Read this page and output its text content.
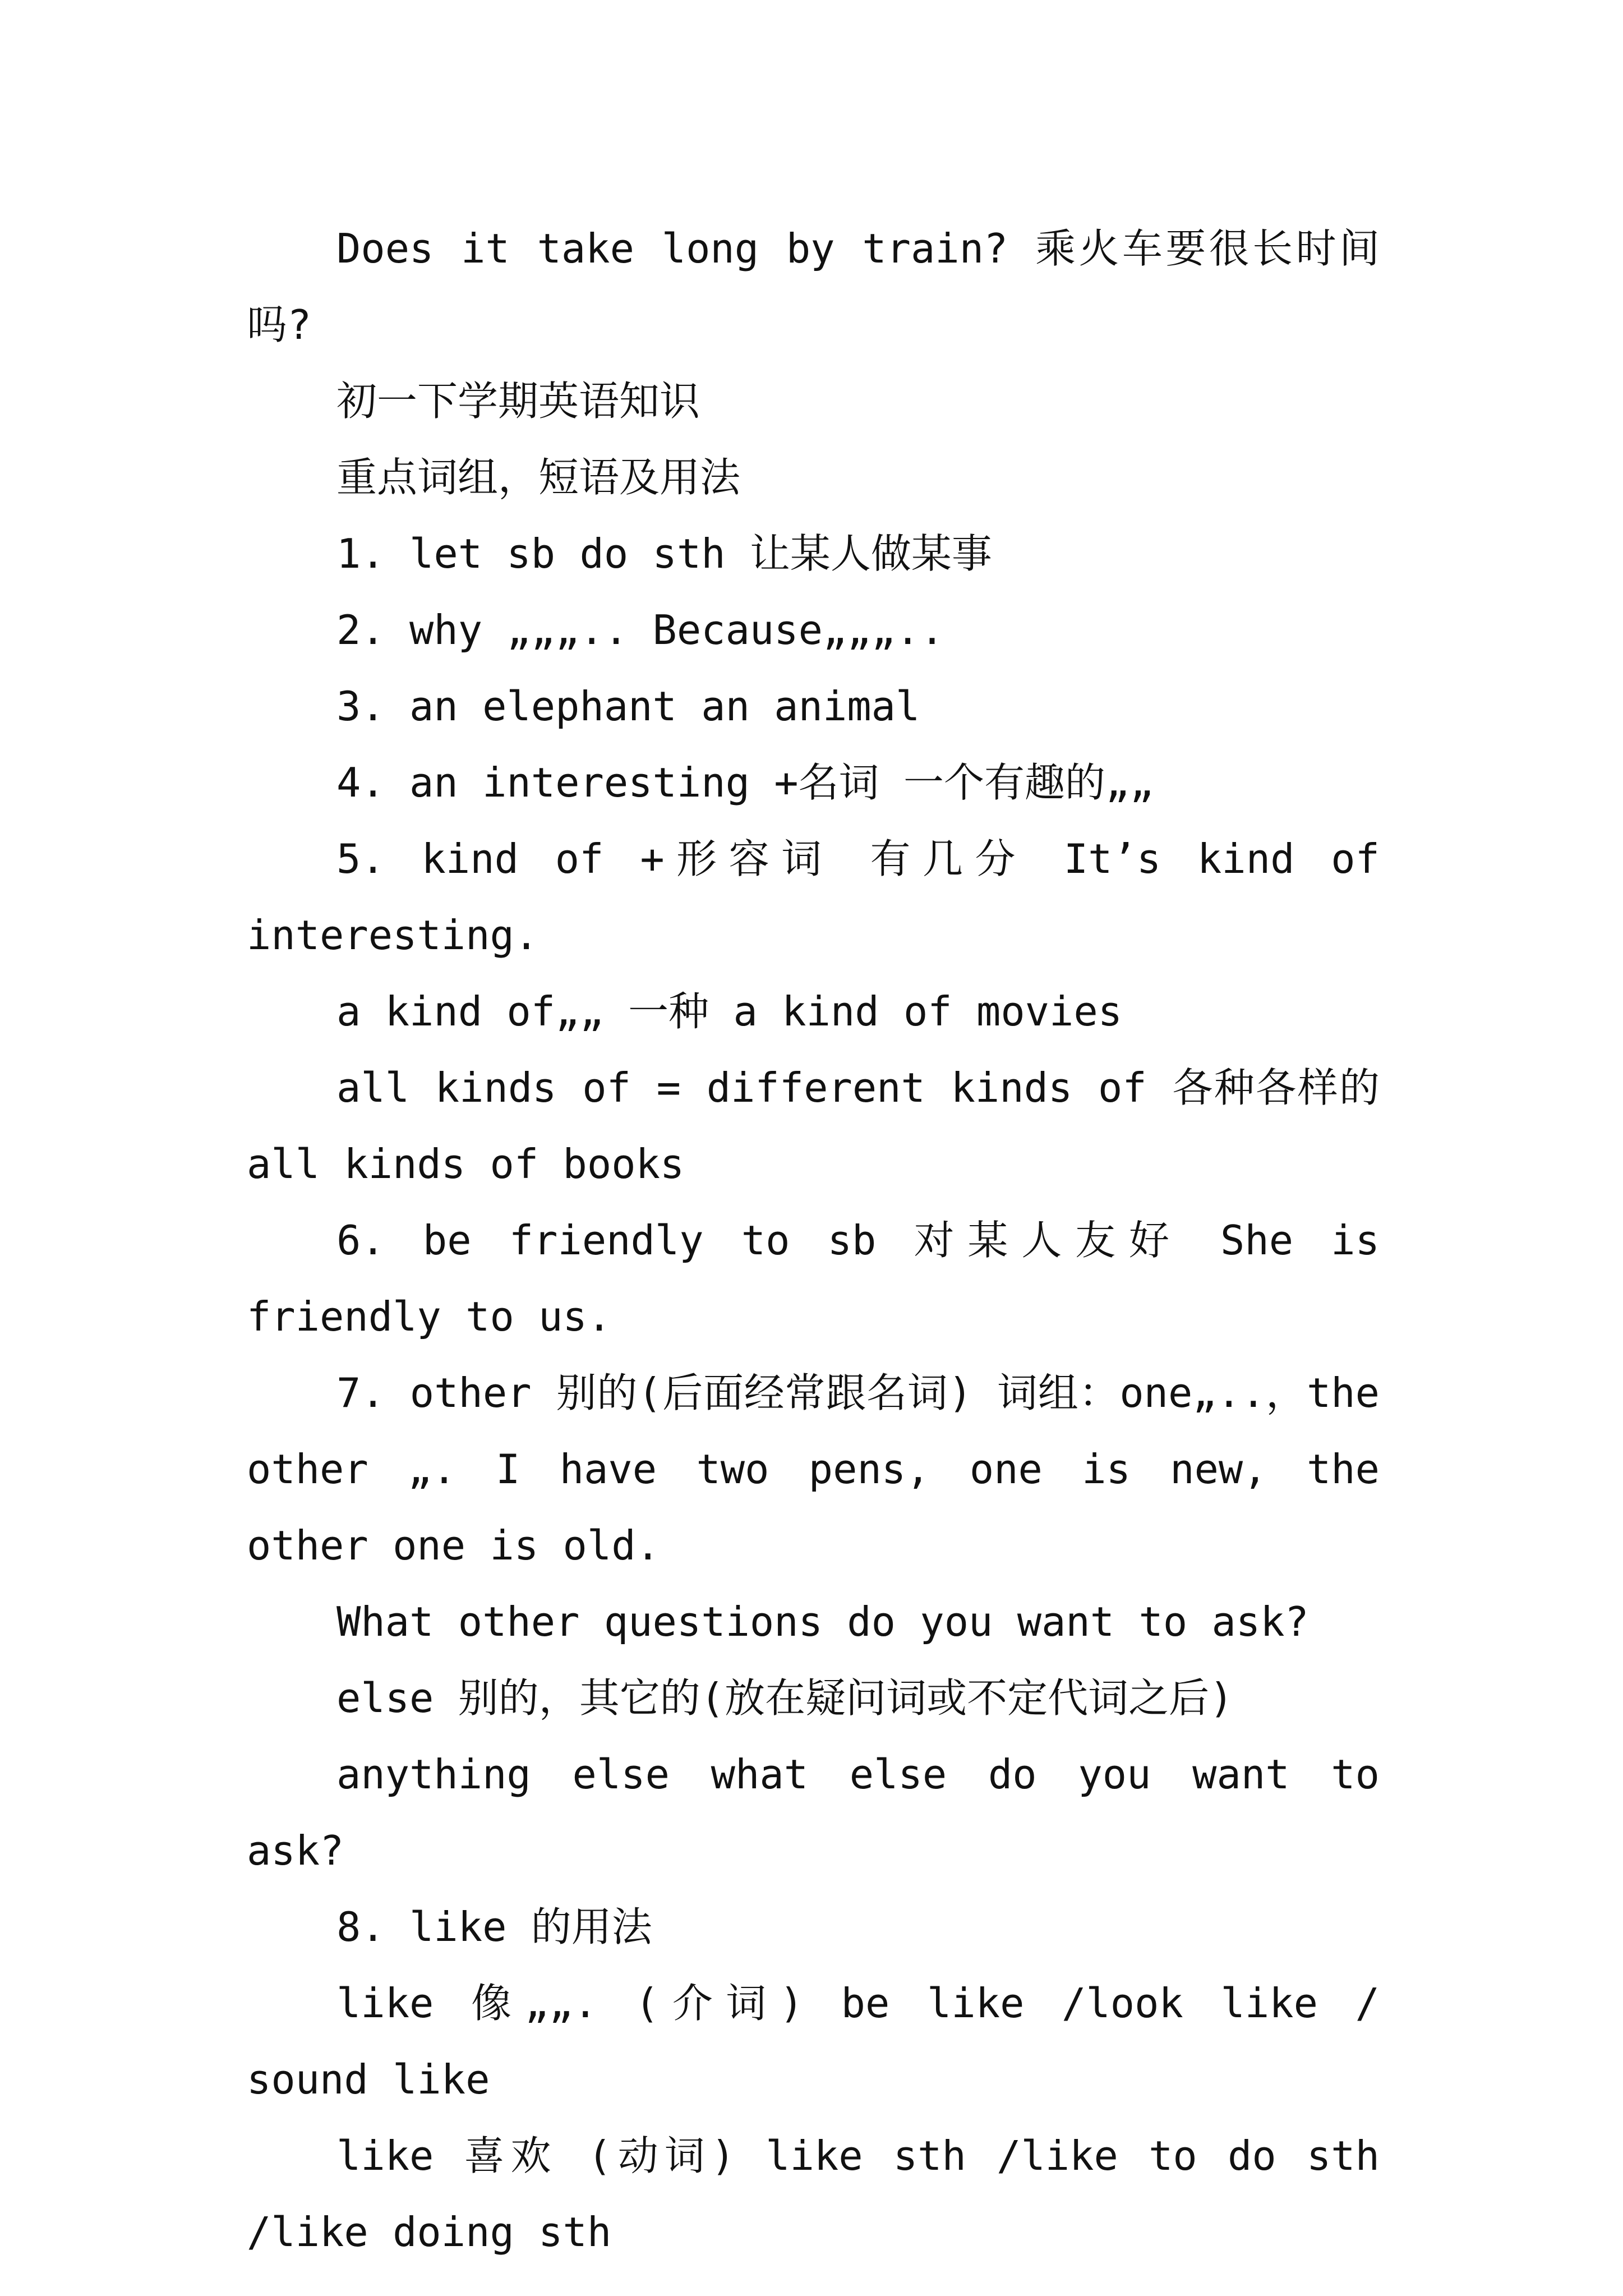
Does it take long by train? 乘火车要很长时间吗?

初一下学期英语知识

重点词组，短语及用法

1. let sb do sth 让某人做某事

2. why „„„.. Because„„„..

3. an elephant an animal

4. an interesting +名词 一个有趣的„„

5. kind of +形容词 有几分 It’s kind of interesting.

a kind of„„ 一种 a kind of movies

all kinds of = different kinds of 各种各样的 all kinds of books

6. be friendly to sb 对某人友好 She is friendly to us.

7. other 别的(后面经常跟名词) 词组：one„..，the other „. I have two pens, one is new, the other one is old.

What other questions do you want to ask?

else 别的，其它的(放在疑问词或不定代词之后)

anything else what else do you want to ask?

8. like 的用法

like 像„„. (介词) be like /look like / sound like

like 喜欢 (动词) like sth /like to do sth /like doing sth
